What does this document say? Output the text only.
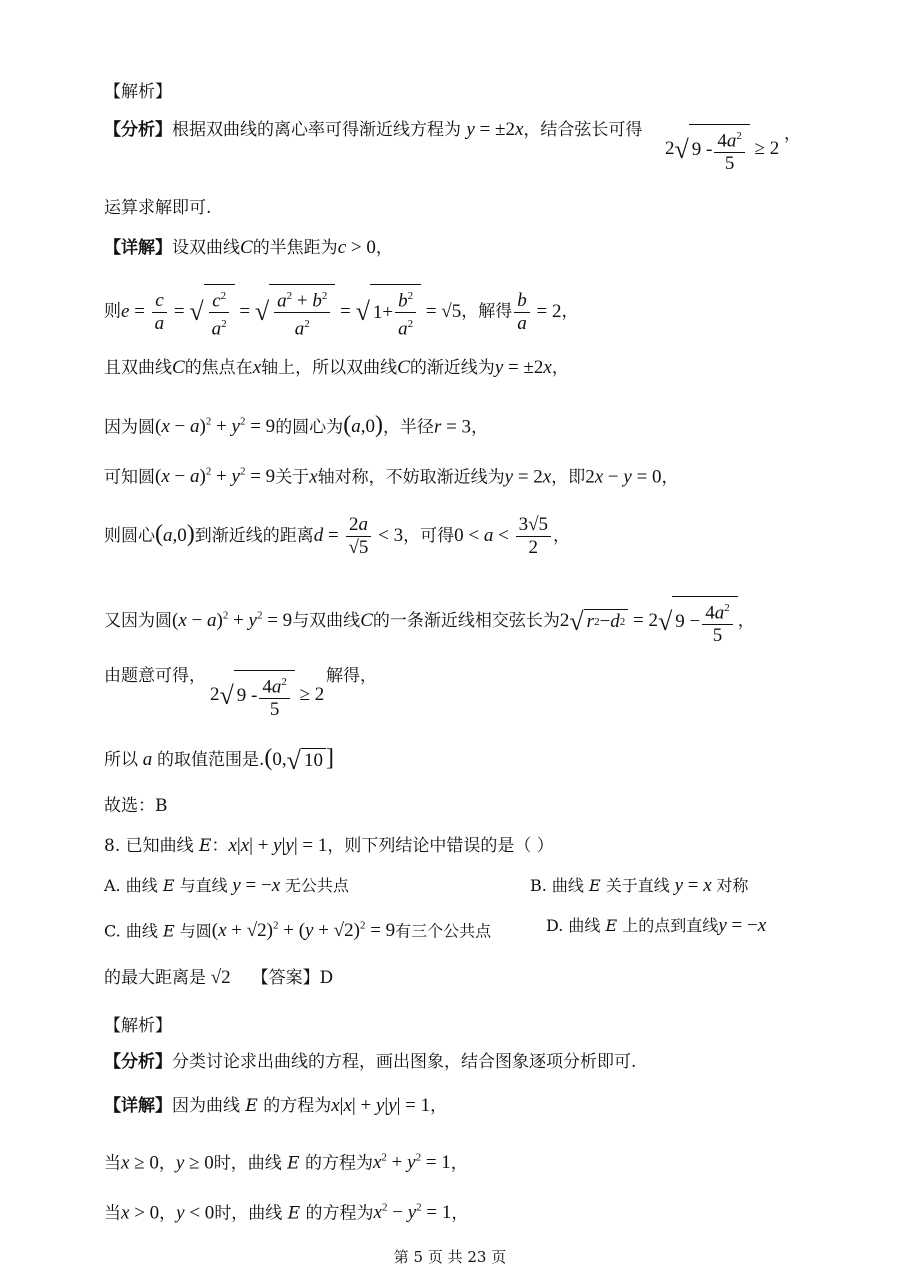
【解析】
【分析】根据双曲线的离心率可得渐近线方程为 y = ±2x，结合弦长可得
2 √ $9 - \frac{4a^2}{5} \ge 2$
，
运算求解即可.
【详解】设双曲线C的半焦距为c > 0，
则$e = \frac{c}{a}$ = √ $\frac{c^2}{a^2}$ = √ $\frac{a^2 + b^2}{a^2}$ = √ $1+ \frac{b^2}{a^2} = √5$，解得 $\frac{b}{a} = 2$，
且双曲线C的焦点在x轴上，所以双曲线C的渐近线为y = ±2x，
因为圆$(x - a)^2 + y^2 = 9$的圆心为(a,0)，半径r = 3，
可知圆$(x - a)^2 + y^2 = 9$关于x轴对称，不妨取渐近线为y = 2x，即2x − y = 0，
则圆心(a,0)到渐近线的距离$d = \frac{2a}{√5} < 3$，可得$0 < a < \frac{3√5}{2}$ ，
又因为圆$(x - a)^2 + y^2 = 9$与双曲线C的一条渐近线相交弦长为2 √ r 2 − d 2 = 2 √ $9 - \frac{4a^2}{5}$ ，
由题意可得，
2 √ $9 - \frac{4a^2}{5} \ge 2$
解得，
所以 a 的取值范围是.(0, √ 10 ]
故选：B
8. 已知曲线 E：x|x| + y|y| = 1，则下列结论中错误的是（ ）
A. 曲线 E 与直线 y = −x 无公共点	B. 曲线 E 关于直线 y = x 对称
C. 曲线 E 与圆$(x + √2)^2 + (y + √2)^2 = 9$有三个公共点	D. 曲线 E 上的点到直线y = −x
的最大距离是 √2    【答案】D
【解析】
【分析】分类讨论求出曲线的方程，画出图象，结合图象逐项分析即可.
【详解】因为曲线 E 的方程为x|x| + y|y| = 1，
当x ≥ 0，y ≥ 0时，曲线 E 的方程为$x^2 + y^2 = 1$，
当x > 0，y < 0时，曲线 E 的方程为$x^2 - y^2 = 1$，
第 5 页 共 23 页
